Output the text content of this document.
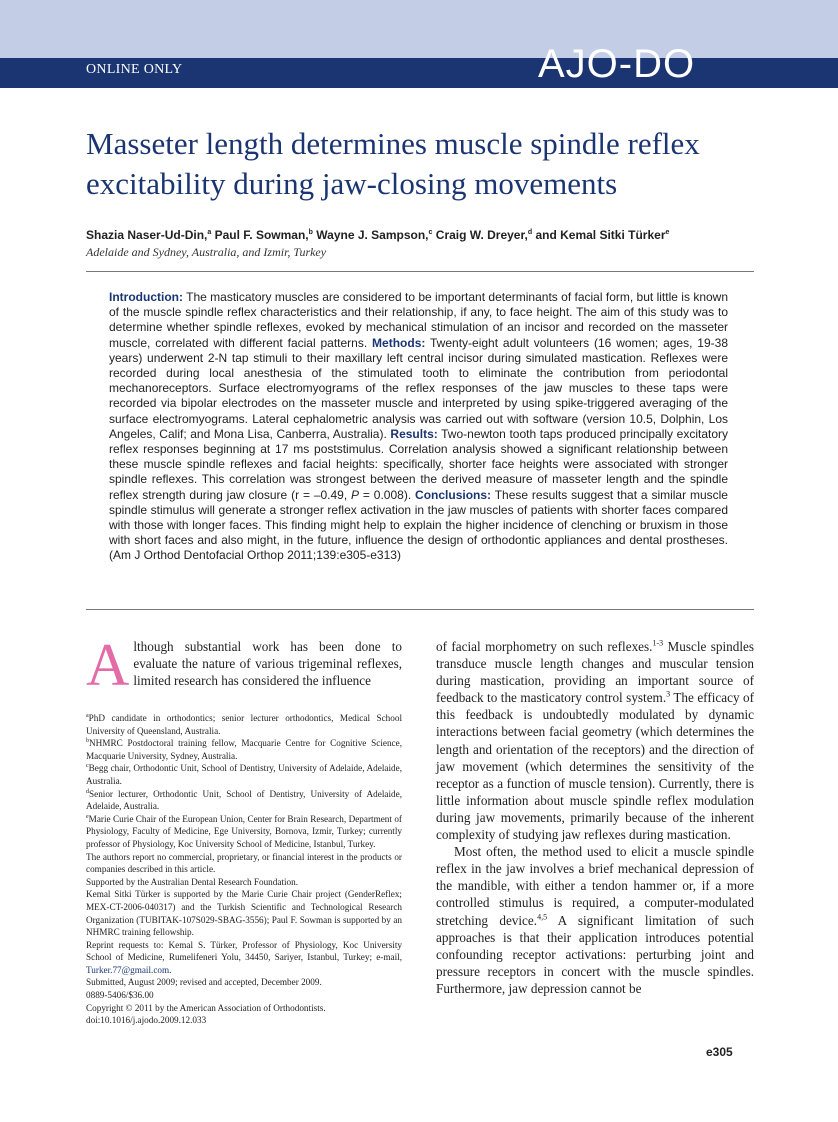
ONLINE ONLY	AJO-DO
Masseter length determines muscle spindle reflex excitability during jaw-closing movements
Shazia Naser-Ud-Din,$^a$ Paul F. Sowman,$^b$ Wayne J. Sampson,$^c$ Craig W. Dreyer,$^d$ and Kemal Sitki Türker$^e$
Adelaide and Sydney, Australia, and Izmir, Turkey

Introduction: The masticatory muscles are considered to be important determinants of facial form, but little is known of the muscle spindle reflex characteristics and their relationship, if any, to face height. The aim of this study was to determine whether spindle reflexes, evoked by mechanical stimulation of an incisor and recorded on the masseter muscle, correlated with different facial patterns. Methods: Twenty-eight adult volunteers (16 women; ages, 19-38 years) underwent 2-N tap stimuli to their maxillary left central incisor during simulated mastication. Reflexes were recorded during local anesthesia of the stimulated tooth to eliminate the contribution from periodontal mechanoreceptors. Surface electromyograms of the reflex responses of the jaw muscles to these taps were recorded via bipolar electrodes on the masseter muscle and interpreted by using spike-triggered averaging of the surface electromyograms. Lateral cephalometric analysis was carried out with software (version 10.5, Dolphin, Los Angeles, Calif; and Mona Lisa, Canberra, Australia). Results: Two-newton tooth taps produced principally excitatory reflex responses beginning at 17 ms poststimulus. Correlation analysis showed a significant relationship between these muscle spindle reflexes and facial heights: specifically, shorter face heights were associated with stronger spindle reflexes. This correlation was strongest between the derived measure of masseter length and the spindle reflex strength during jaw closure (r = –0.49, P = 0.008). Conclusions: These results suggest that a similar muscle spindle stimulus will generate a stronger reflex activation in the jaw muscles of patients with shorter faces compared with those with longer faces. This finding might help to explain the higher incidence of clenching or bruxism in those with short faces and also might, in the future, influence the design of orthodontic appliances and dental prostheses. (Am J Orthod Dentofacial Orthop 2011;139:e305-e313)

Although substantial work has been done to evaluate the nature of various trigeminal reflexes, limited research has considered the influence

$^a$PhD candidate in orthodontics; senior lecturer orthodontics, Medical School University of Queensland, Australia.
$^b$NHMRC Postdoctoral training fellow, Macquarie Centre for Cognitive Science, Macquarie University, Sydney, Australia.
$^c$Begg chair, Orthodontic Unit, School of Dentistry, University of Adelaide, Adelaide, Australia.
$^d$Senior lecturer, Orthodontic Unit, School of Dentistry, University of Adelaide, Adelaide, Australia.
$^e$Marie Curie Chair of the European Union, Center for Brain Research, Department of Physiology, Faculty of Medicine, Ege University, Bornova, Izmir, Turkey; currently professor of Physiology, Koc University School of Medicine, Istanbul, Turkey.
The authors report no commercial, proprietary, or financial interest in the products or companies described in this article.
Supported by the Australian Dental Research Foundation.
Kemal Sitki Türker is supported by the Marie Curie Chair project (GenderReflex; MEX-CT-2006-040317) and the Turkish Scientific and Technological Research Organization (TUBITAK-107S029-SBAG-3556); Paul F. Sowman is supported by an NHMRC training fellowship.
Reprint requests to: Kemal S. Türker, Professor of Physiology, Koc University School of Medicine, Rumelifeneri Yolu, 34450, Sariyer, Istanbul, Turkey; e-mail, Turker.77@gmail.com.
Submitted, August 2009; revised and accepted, December 2009.
0889-5406/$36.00
Copyright © 2011 by the American Association of Orthodontists.
doi:10.1016/j.ajodo.2009.12.033

of facial morphometry on such reflexes.$^{1-3}$ Muscle spindles transduce muscle length changes and muscular tension during mastication, providing an important source of feedback to the masticatory control system.$^3$ The efficacy of this feedback is undoubtedly modulated by dynamic interactions between facial geometry (which determines the length and orientation of the receptors) and the direction of jaw movement (which determines the sensitivity of the receptor as a function of muscle tension). Currently, there is little information about muscle spindle reflex modulation during jaw movements, primarily because of the inherent complexity of studying jaw reflexes during mastication.

Most often, the method used to elicit a muscle spindle reflex in the jaw involves a brief mechanical depression of the mandible, with either a tendon hammer or, if a more controlled stimulus is required, a computer-modulated stretching device.$^{4,5}$ A significant limitation of such approaches is that their application introduces potential confounding receptor activations: perturbing joint and pressure receptors in concert with the muscle spindles. Furthermore, jaw depression cannot be

e305
